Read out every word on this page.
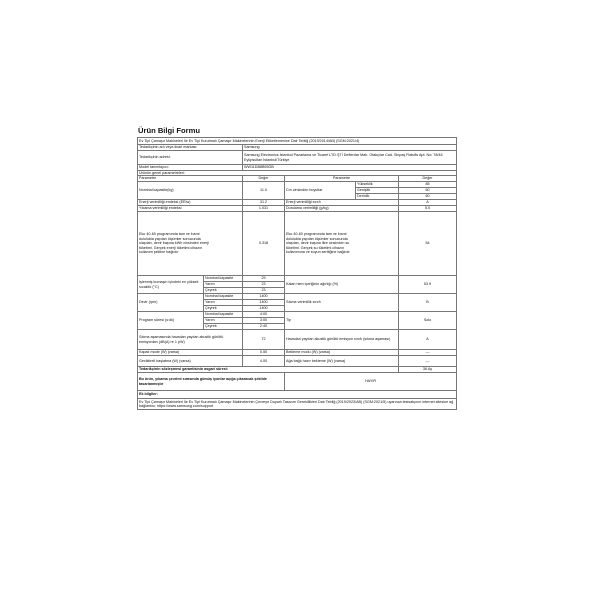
Ürün Bilgi Formu
Ev Tipi Çamaşır Makineleri İle Ev Tipi Kurutmalı Çamaşır Makinelerinin Enerji Etiketlemesine Dair Tebliğ (2019/2014/AB) (SGM:2021/4)					
Tedarikçinin adı veya ticari markası:		Samsung			
Tedarikçinin adresi:		Samsung Electronics İstanbul Pazarlama ve Ticaret LTD.ŞTİ Defterdar Mah. Otakçılar Cad. Sinpaş Flatofis Apt. No: 78/46 Eyüpsultan İstanbul/Türkiye			
Model tanımlayıcı:		WW11DB8B95GB			
Ürünün genel parametreleri:					
Parametre		Değer	Parametre		Değer
Nominal kapasite(kg)		11.0	Cm cinsinden boyutlar	Yükseklik	85
				Genişlik	60
				Derinlik	60
Enerji verimliliği endeksi (EEIw)		31.2	Enerji verimliliği sınıfı		A
Yıkama verimliliği endeksi		1.031	Durulama verimliliği (g/kg)		5.0
Eko 40-60 programında tam ve kısmi dolulukta yapılan ölçümler sonucunda ulaşılan, devir başına kWh cinsinden enerji tüketimi. Gerçek enerji tüketimi cihazın kullanım şekline bağlıdır		0.318	Eko 40-60 programında tam ve kısmi dolulukta yapılan ölçümler sonucunda ulaşılan, devir başına litre cinsinden su tüketimi. Gerçek su tüketimi cihazın kullanımına ve suyun sertliğine bağlıdır		54
İşlenmiş kumaşın içindeki en yüksek sıcaklık (°C)	Nominal kapasite	29	Kalan nem içeriğinin ağırlığı (%)		53.9
	Yarım	23			
	Çeyrek	23			
Devir (rpm)	Nominal kapasite	1400	Sıkma verimlilik sınıfı		B
	Yarım	1400			
	Çeyrek	1400			
Program süresi (s:dk)	Nominal kapasite	4:00	Tip		Solo
	Yarım	3:00			
	Çeyrek	2:40			
Sıkma aşamasında havadan yayılan akustik gürültü emisyonları (dB(A) re 1 pW)		72	Havadan yayılan akustik gürültü emisyon sınıfı (sıkma aşaması)		A
Kapalı mode (W) (varsa)		0.50	Bekleme modu (W) (varsa)		—
Geciktireli başlatma (W) (varsa)		4.00	Ağa bağlı hazır bekleme (W) (varsa)		—
Tedarikçinin sözleşmesi garantisinin asgari süresi:					36 Ay
Bu ürün, yıkama çevrimi sırasında gümüş iyonlar açığa çıkaracak şekilde tasarlanmıştır			HAYIR		
Ek bilgiler:					
Ev Tipi Çamaşır Makineleri İle Ev Tipi Kurutmalı Çamaşır Makinelerinin Çevreye Duyarlı Tasarım Gereklilikleri Dair Tebliğ (2019/2023/AB) (SGM:2021/5) uyarınca tesisatçının internet sitesine ağ bağlantısı: https://www.samsung.com/support					
